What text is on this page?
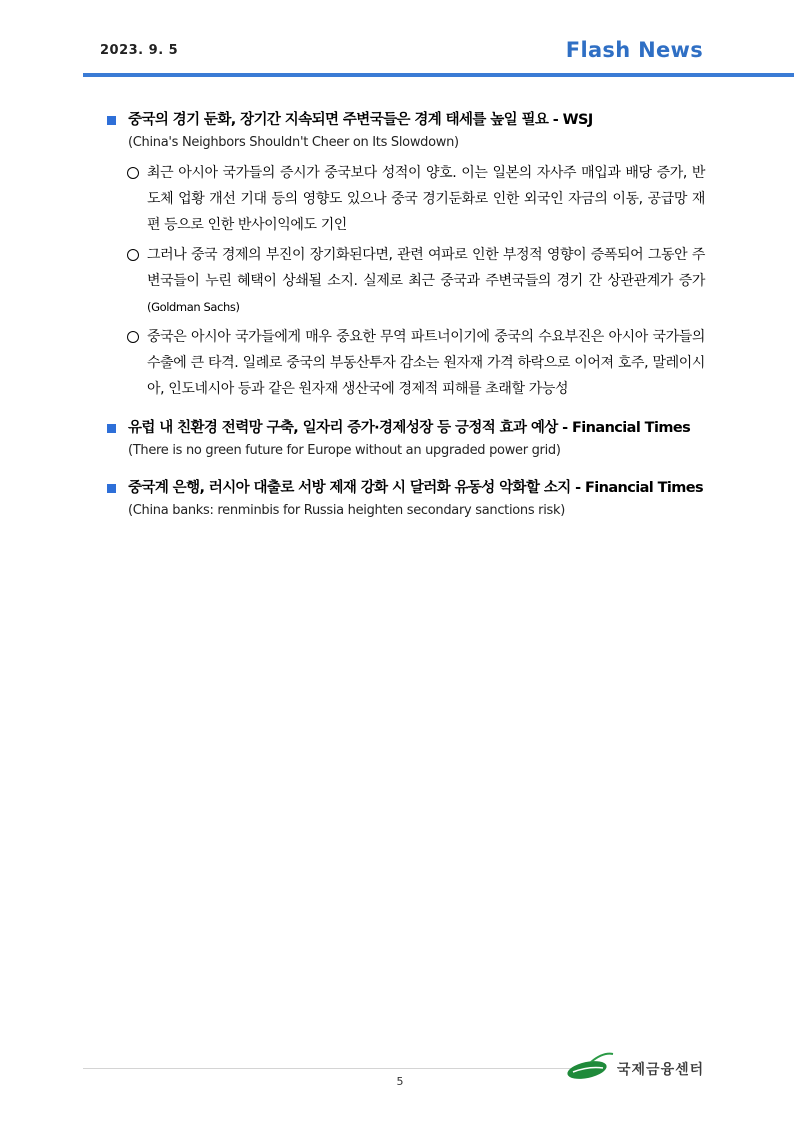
2023. 9. 5	Flash News
중국의 경기 둔화, 장기간 지속되면 주변국들은 경계 태세를 높일 필요 - WSJ
(China's Neighbors Shouldn't Cheer on Its Slowdown)
최근 아시아 국가들의 증시가 중국보다 성적이 양호. 이는 일본의 자사주 매입과 배당 증가, 반도체 업황 개선 기대 등의 영향도 있으나 중국 경기둔화로 인한 외국인 자금의 이동, 공급망 재편 등으로 인한 반사이익에도 기인
그러나 중국 경제의 부진이 장기화된다면, 관련 여파로 인한 부정적 영향이 증폭되어 그동안 주변국들이 누린 혜택이 상쇄될 소지. 실제로 최근 중국과 주변국들의 경기 간 상관관계가 증가(Goldman Sachs)
중국은 아시아 국가들에게 매우 중요한 무역 파트너이기에 중국의 수요부진은 아시아 국가들의 수출에 큰 타격. 일례로 중국의 부동산투자 감소는 원자재 가격 하락으로 이어져 호주, 말레이시아, 인도네시아 등과 같은 원자재 생산국에 경제적 피해를 초래할 가능성
유럽 내 친환경 전력망 구축, 일자리 증가·경제성장 등 긍정적 효과 예상 - Financial Times
(There is no green future for Europe without an upgraded power grid)
중국계 은행, 러시아 대출로 서방 제재 강화 시 달러화 유동성 악화할 소지 - Financial Times
(China banks: renminbis for Russia heighten secondary sanctions risk)
5
국제금융센터
